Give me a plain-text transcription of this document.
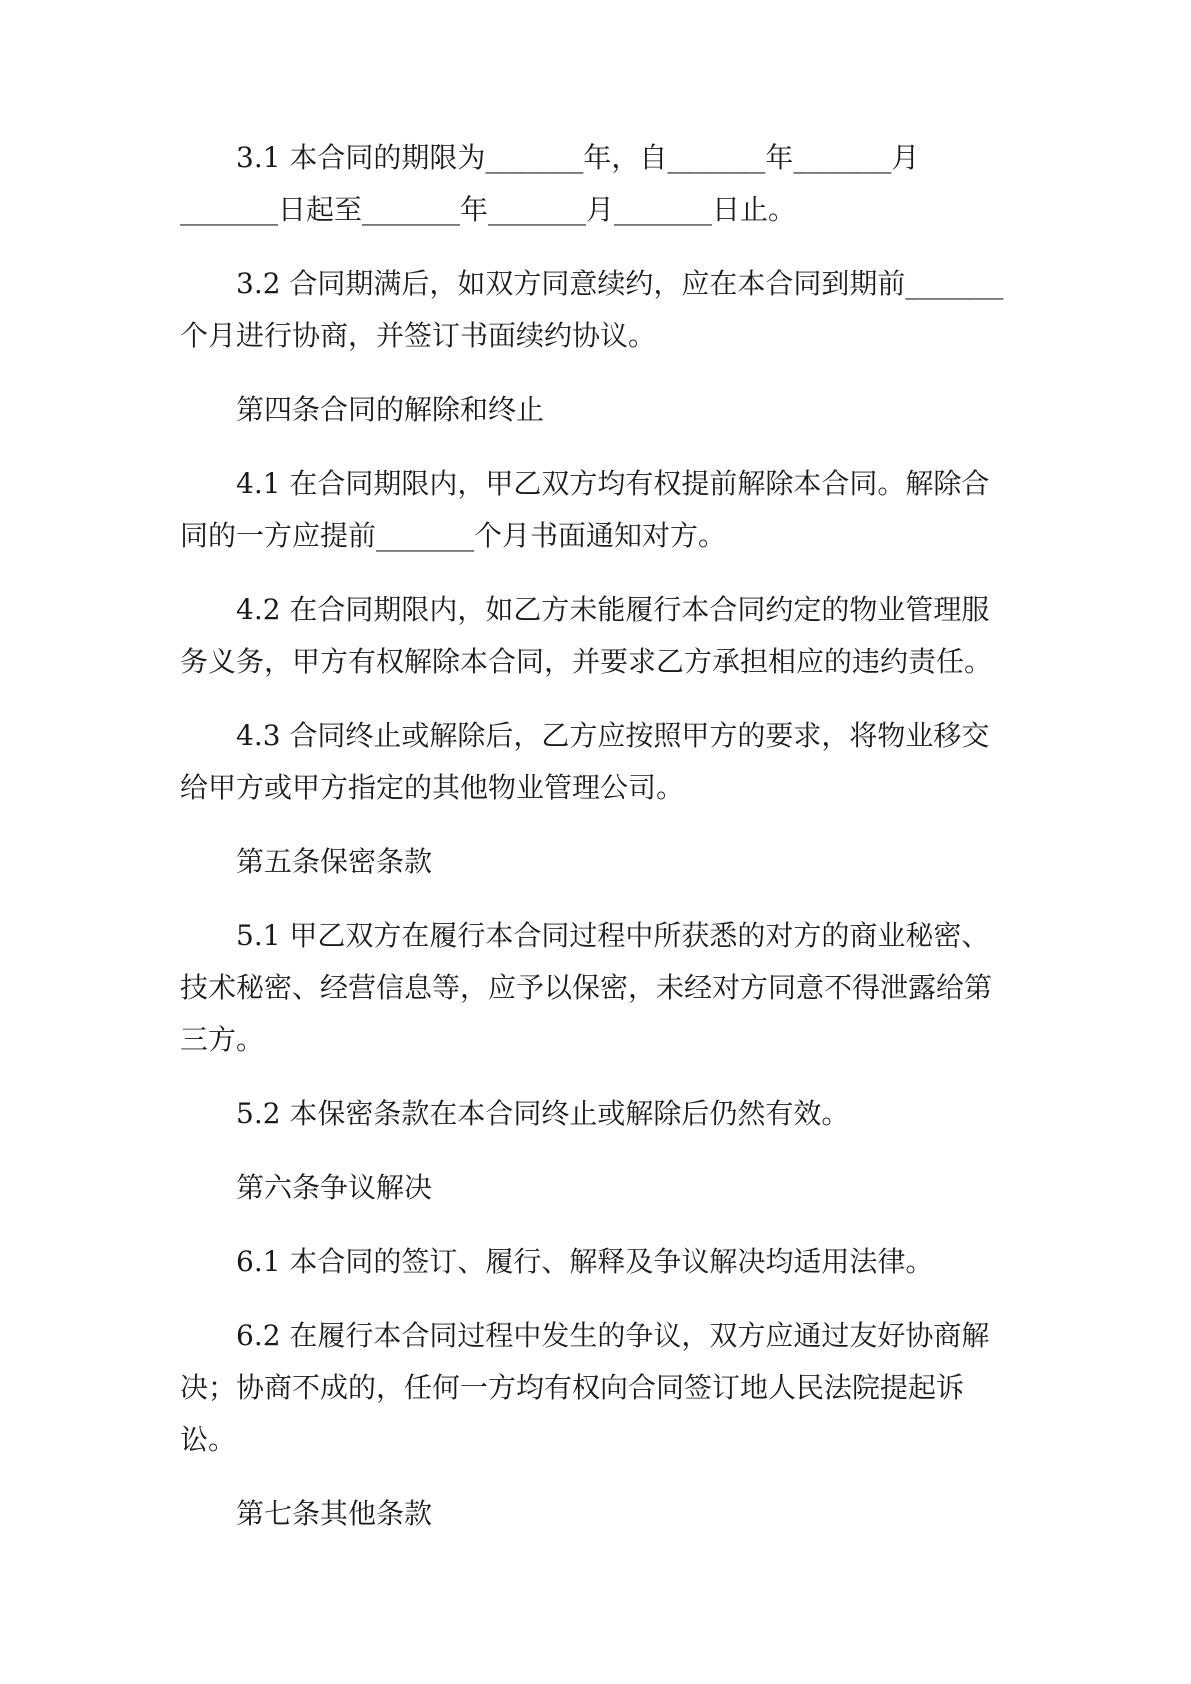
3.1 本合同的期限为_______年，自_______年_______月_______日起至_______年_______月_______日止。

3.2 合同期满后，如双方同意续约，应在本合同到期前_______个月进行协商，并签订书面续约协议。

第四条合同的解除和终止

4.1 在合同期限内，甲乙双方均有权提前解除本合同。解除合同的一方应提前_______个月书面通知对方。

4.2 在合同期限内，如乙方未能履行本合同约定的物业管理服务义务，甲方有权解除本合同，并要求乙方承担相应的违约责任。

4.3 合同终止或解除后，乙方应按照甲方的要求，将物业移交给甲方或甲方指定的其他物业管理公司。

第五条保密条款

5.1 甲乙双方在履行本合同过程中所获悉的对方的商业秘密、技术秘密、经营信息等，应予以保密，未经对方同意不得泄露给第三方。

5.2 本保密条款在本合同终止或解除后仍然有效。

第六条争议解决

6.1 本合同的签订、履行、解释及争议解决均适用法律。

6.2 在履行本合同过程中发生的争议，双方应通过友好协商解决；协商不成的，任何一方均有权向合同签订地人民法院提起诉讼。

第七条其他条款
